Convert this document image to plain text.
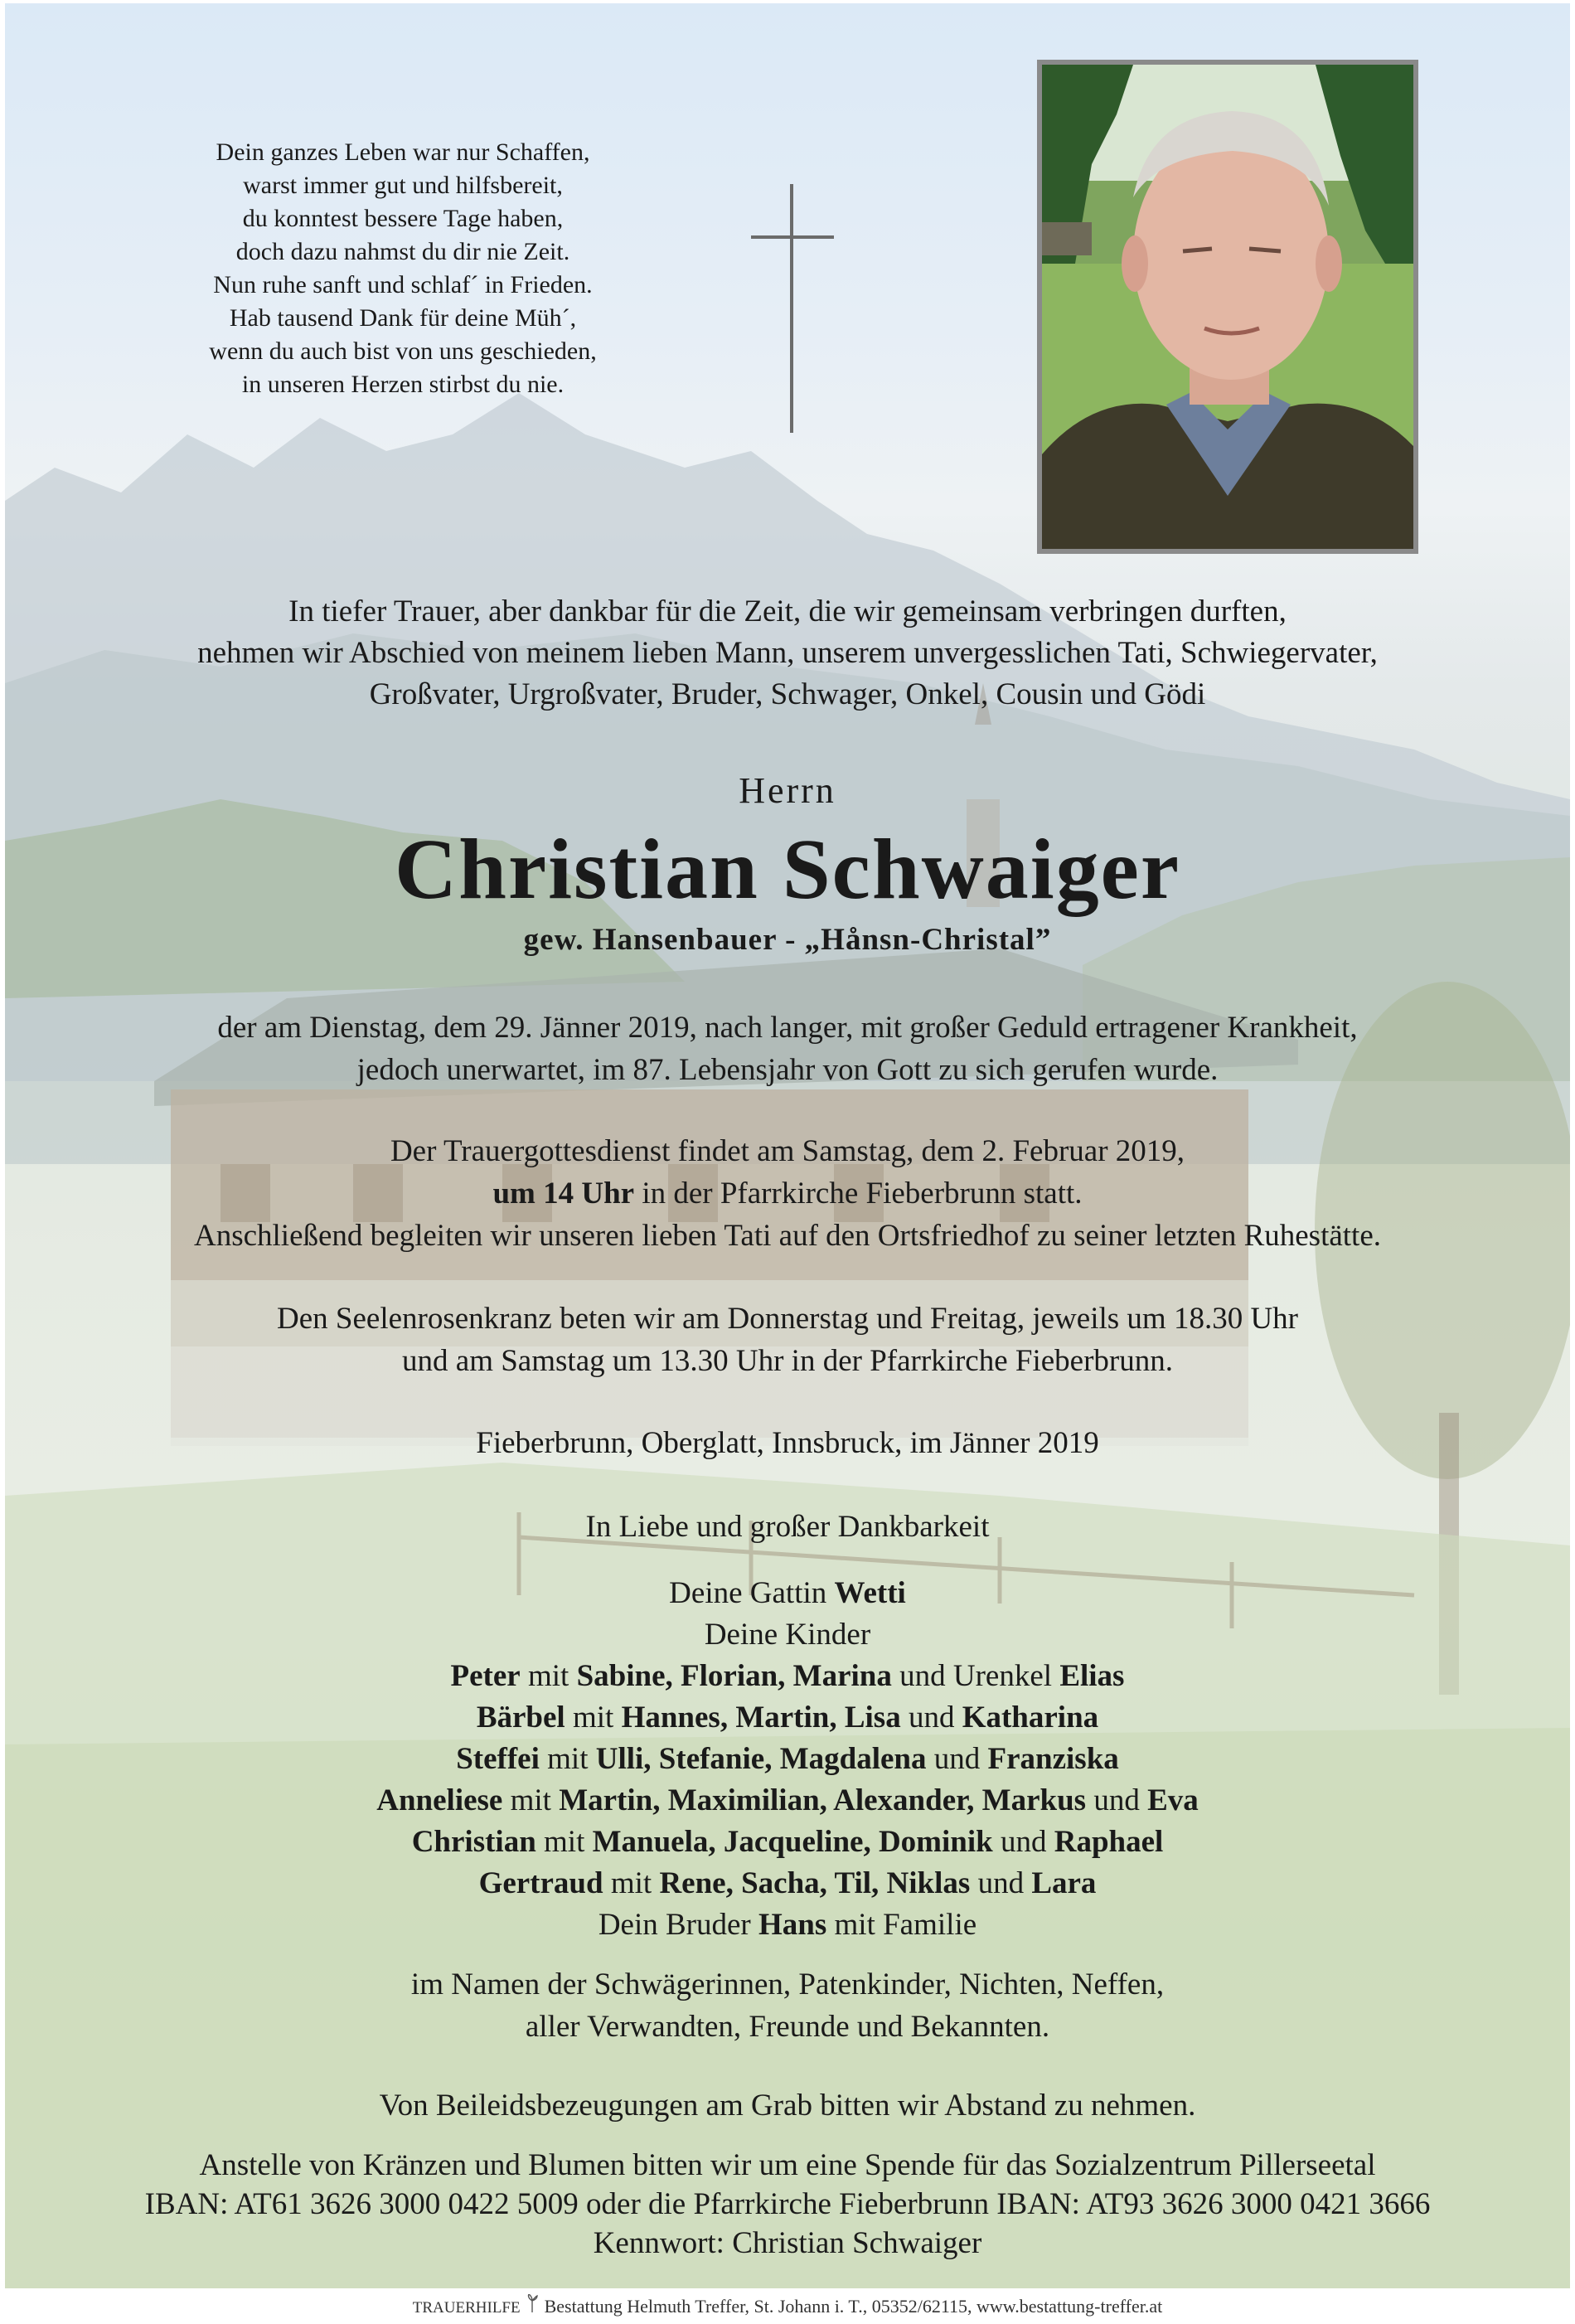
Dein ganzes Leben war nur Schaffen,
warst immer gut und hilfsbereit,
du konntest bessere Tage haben,
doch dazu nahmst du dir nie Zeit.
Nun ruhe sanft und schlaf´ in Frieden.
Hab tausend Dank für deine Müh´,
wenn du auch bist von uns geschieden,
in unseren Herzen stirbst du nie.
In tiefer Trauer, aber dankbar für die Zeit, die wir gemeinsam verbringen durften,
nehmen wir Abschied von meinem lieben Mann, unserem unvergesslichen Tati, Schwiegervater,
Großvater, Urgroßvater, Bruder, Schwager, Onkel, Cousin und Gödi
Herrn
Christian Schwaiger
gew. Hansenbauer - „Hånsn-Christal”
der am Dienstag, dem 29. Jänner 2019, nach langer, mit großer Geduld ertragener Krankheit,
jedoch unerwartet, im 87. Lebensjahr von Gott zu sich gerufen wurde.
Der Trauergottesdienst findet am Samstag, dem 2. Februar 2019,
um 14 Uhr in der Pfarrkirche Fieberbrunn statt.
Anschließend begleiten wir unseren lieben Tati auf den Ortsfriedhof zu seiner letzten Ruhestätte.
Den Seelenrosenkranz beten wir am Donnerstag und Freitag, jeweils um 18.30 Uhr
und am Samstag um 13.30 Uhr in der Pfarrkirche Fieberbrunn.
Fieberbrunn, Oberglatt, Innsbruck, im Jänner 2019
In Liebe und großer Dankbarkeit
Deine Gattin Wetti
Deine Kinder
Peter mit Sabine, Florian, Marina und Urenkel Elias
Bärbel mit Hannes, Martin, Lisa und Katharina
Steffei mit Ulli, Stefanie, Magdalena und Franziska
Anneliese mit Martin, Maximilian, Alexander, Markus und Eva
Christian mit Manuela, Jacqueline, Dominik und Raphael
Gertraud mit Rene, Sacha, Til, Niklas und Lara
Dein Bruder Hans mit Familie
im Namen der Schwägerinnen, Patenkinder, Nichten, Neffen,
aller Verwandten, Freunde und Bekannten.
Von Beileidsbezeugungen am Grab bitten wir Abstand zu nehmen.
Anstelle von Kränzen und Blumen bitten wir um eine Spende für das Sozialzentrum Pillerseetal
IBAN: AT61 3626 3000 0422 5009 oder die Pfarrkirche Fieberbrunn IBAN: AT93 3626 3000 0421 3666
Kennwort: Christian Schwaiger
TRAUERHILFE Bestattung Helmuth Treffer, St. Johann i. T., 05352/62115, www.bestattung-treffer.at
